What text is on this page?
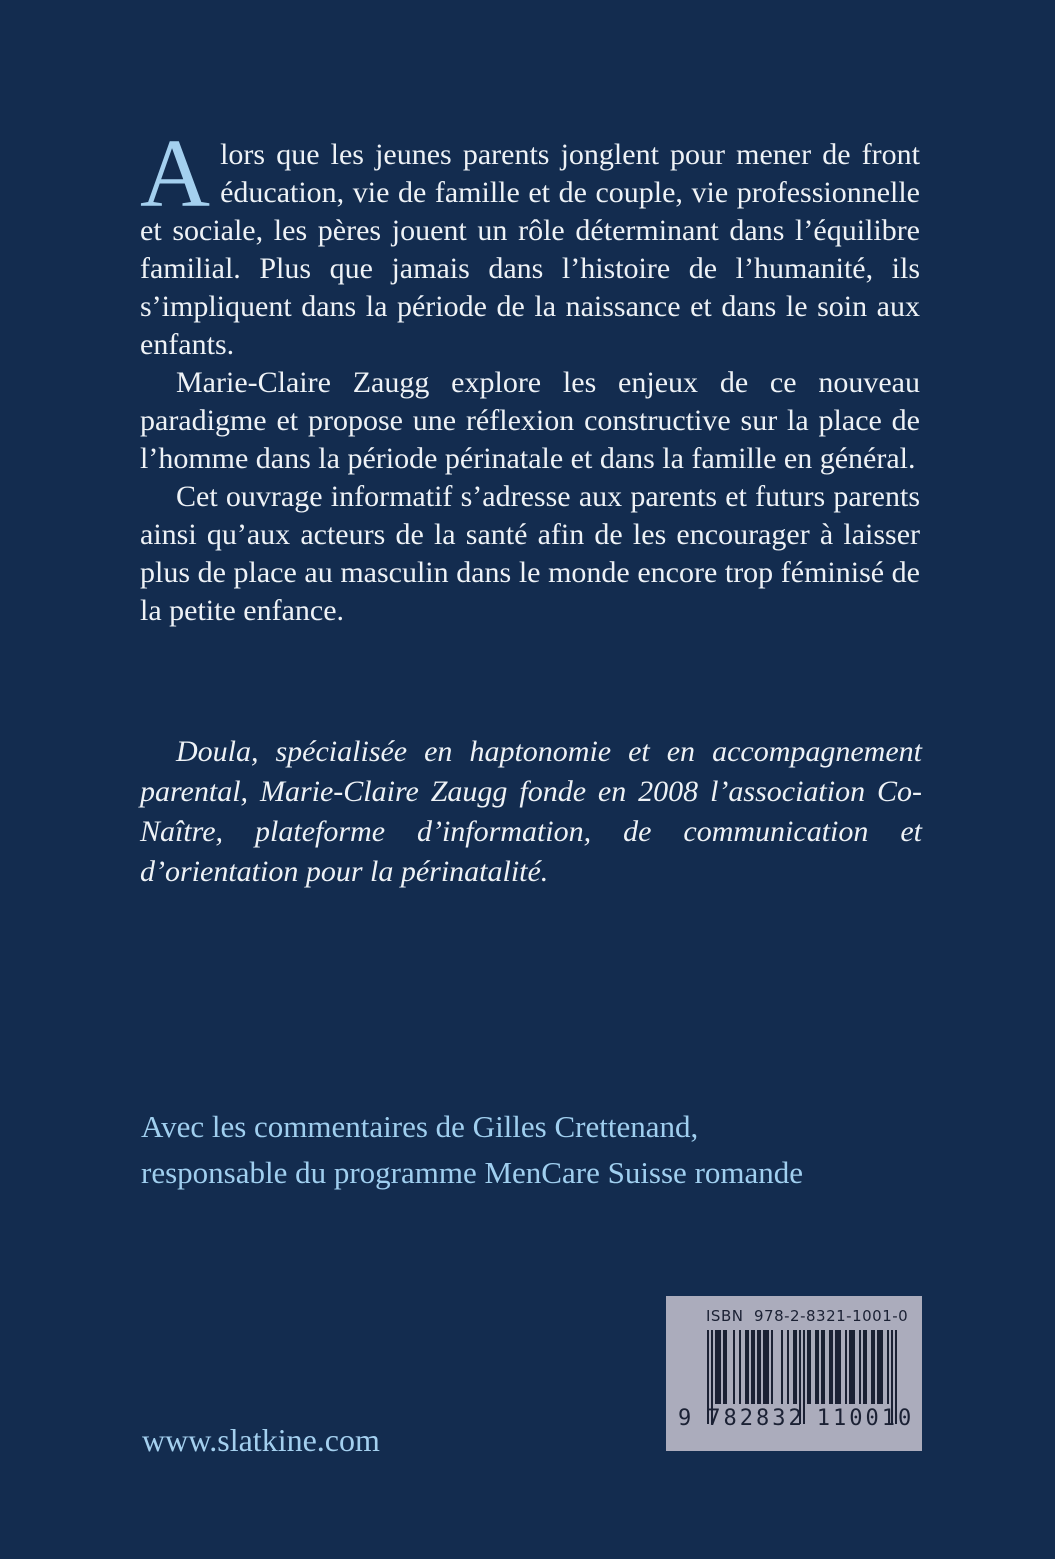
Alors que les jeunes parents jonglent pour mener de front éducation, vie de famille et de couple, vie professionnelle et sociale, les pères jouent un rôle déterminant dans l’équilibre familial. Plus que jamais dans l’histoire de l’humanité, ils s’impliquent dans la période de la naissance et dans le soin aux enfants.

Marie-Claire Zaugg explore les enjeux de ce nouveau paradigme et propose une réflexion constructive sur la place de l’homme dans la période périnatale et dans la famille en général.

Cet ouvrage informatif s’adresse aux parents et futurs parents ainsi qu’aux acteurs de la santé afin de les encourager à laisser plus de place au masculin dans le monde encore trop féminisé de la petite enfance.

Doula, spécialisée en haptonomie et en accompagnement parental, Marie-Claire Zaugg fonde en 2008 l’association Co-Naître, plateforme d’information, de communication et d’orientation pour la périnatalité.

Avec les commentaires de Gilles Crettenand,
responsable du programme MenCare Suisse romande
ISBN  978-2-8321-1001-0
9 782832 110010
www.slatkine.com
